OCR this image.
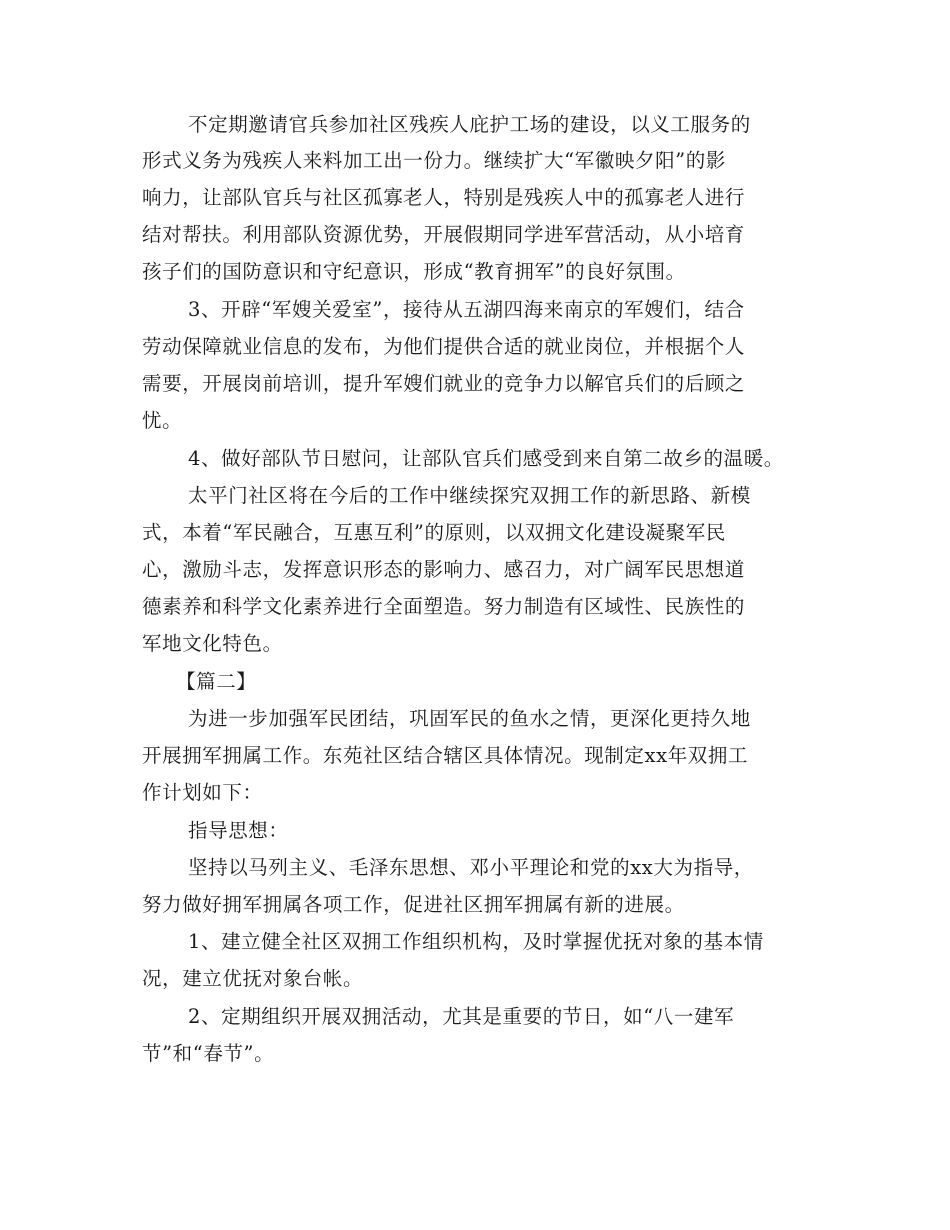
不定期邀请官兵参加社区残疾人庇护工场的建设，以义工服务的
形式义务为残疾人来料加工出一份力。继续扩大“军徽映夕阳”的影
响力，让部队官兵与社区孤寡老人，特别是残疾人中的孤寡老人进行
结对帮扶。利用部队资源优势，开展假期同学进军营活动，从小培育
孩子们的国防意识和守纪意识，形成“教育拥军”的良好氛围。
3、开辟“军嫂关爱室”，接待从五湖四海来南京的军嫂们，结合
劳动保障就业信息的发布，为他们提供合适的就业岗位，并根据个人
需要，开展岗前培训，提升军嫂们就业的竞争力以解官兵们的后顾之
忧。
4、做好部队节日慰问，让部队官兵们感受到来自第二故乡的温暖。
太平门社区将在今后的工作中继续探究双拥工作的新思路、新模
式，本着“军民融合，互惠互利”的原则，以双拥文化建设凝聚军民
心，激励斗志，发挥意识形态的影响力、感召力，对广阔军民思想道
德素养和科学文化素养进行全面塑造。努力制造有区域性、民族性的
军地文化特色。
【篇二】
为进一步加强军民团结，巩固军民的鱼水之情，更深化更持久地
开展拥军拥属工作。东苑社区结合辖区具体情况。现制定xx年双拥工
作计划如下：
指导思想：
坚持以马列主义、毛泽东思想、邓小平理论和党的xx大为指导，
努力做好拥军拥属各项工作，促进社区拥军拥属有新的进展。
1、建立健全社区双拥工作组织机构，及时掌握优抚对象的基本情
况，建立优抚对象台帐。
2、定期组织开展双拥活动，尤其是重要的节日，如“八一建军
节”和“春节”。
